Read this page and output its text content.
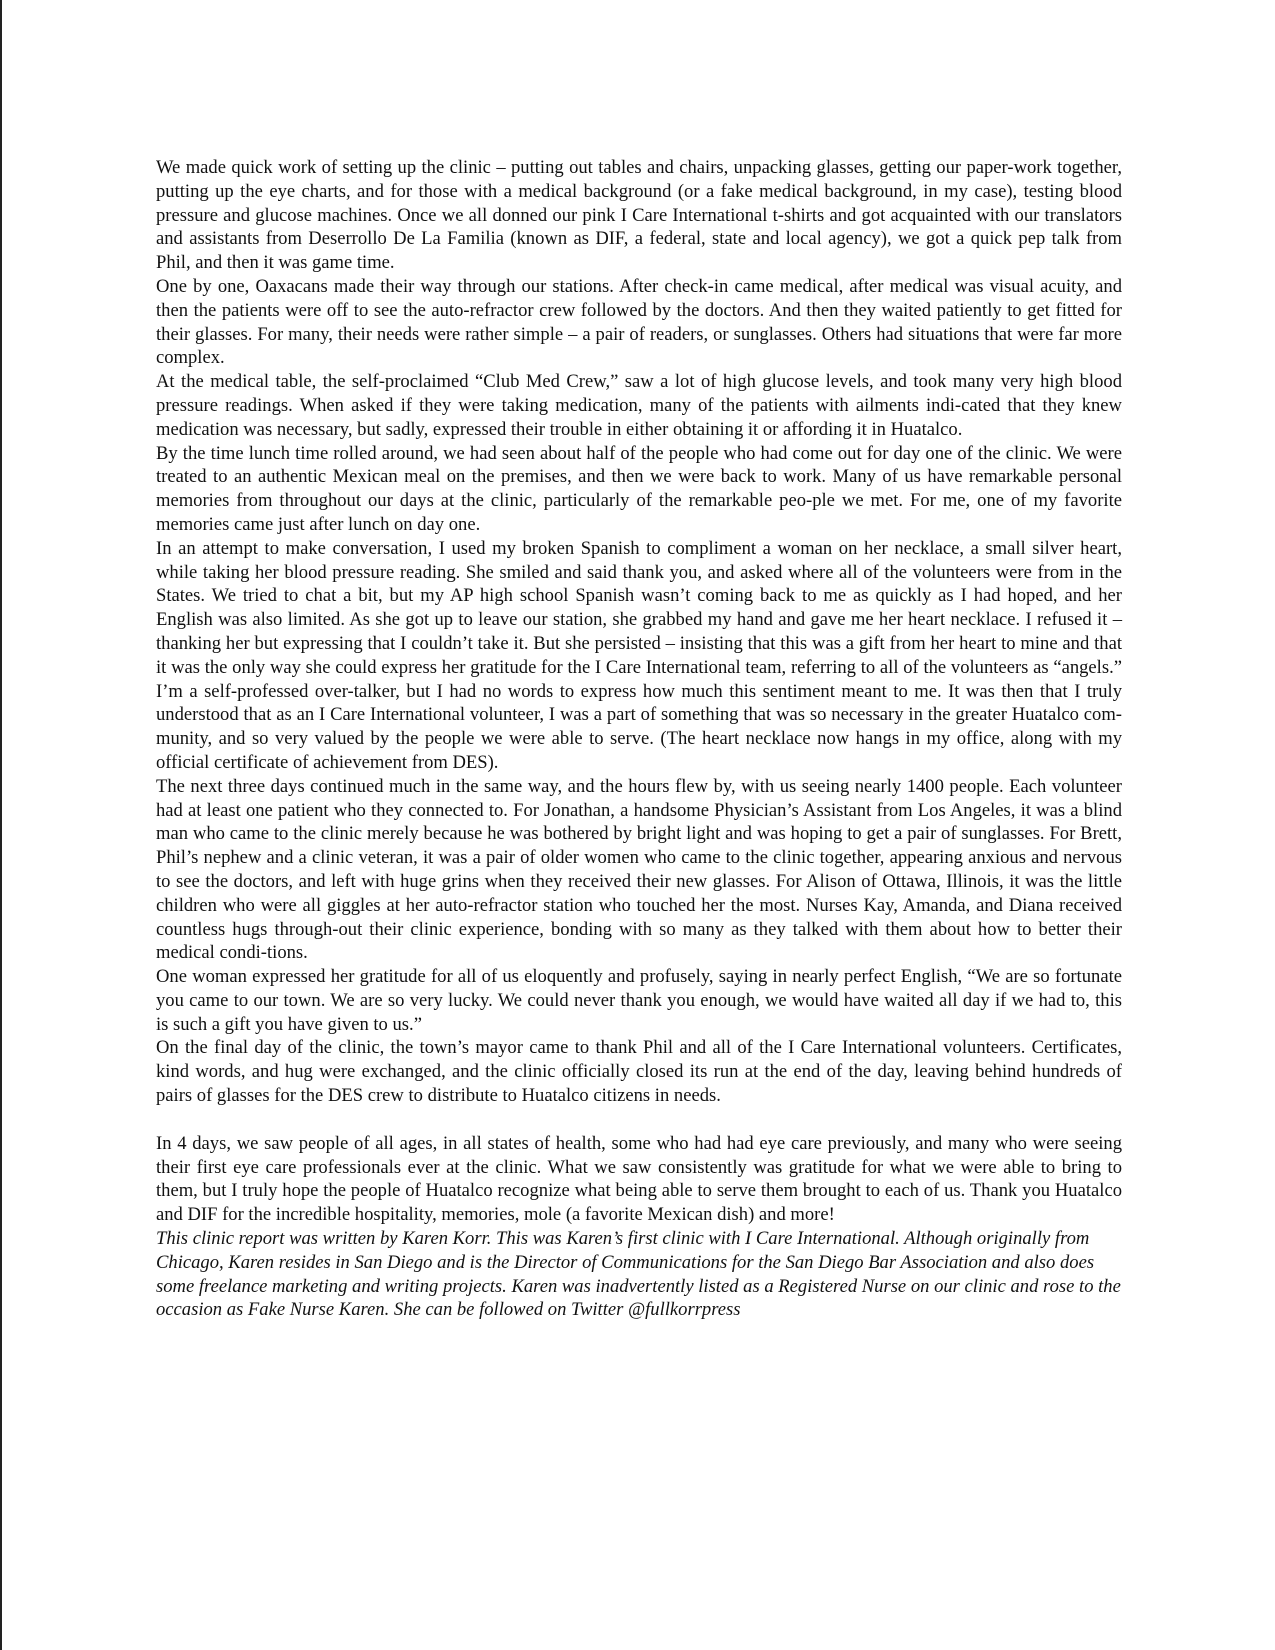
We made quick work of setting up the clinic – putting out tables and chairs, unpacking glasses, getting our paper-work together, putting up the eye charts, and for those with a medical background (or a fake medical background, in my case), testing blood pressure and glucose machines. Once we all donned our pink I Care International t-shirts and got acquainted with our translators and assistants from Deserrollo De La Familia (known as DIF, a federal, state and local agency), we got a quick pep talk from Phil, and then it was game time.

One by one, Oaxacans made their way through our stations. After check-in came medical, after medical was visual acuity, and then the patients were off to see the auto-refractor crew followed by the doctors. And then they waited patiently to get fitted for their glasses. For many, their needs were rather simple – a pair of readers, or sunglasses. Others had situations that were far more complex.

At the medical table, the self-proclaimed “Club Med Crew,” saw a lot of high glucose levels, and took many very high blood pressure readings. When asked if they were taking medication, many of the patients with ailments indi-cated that they knew medication was necessary, but sadly, expressed their trouble in either obtaining it or affording it in Huatalco.

By the time lunch time rolled around, we had seen about half of the people who had come out for day one of the clinic. We were treated to an authentic Mexican meal on the premises, and then we were back to work. Many of us have remarkable personal memories from throughout our days at the clinic, particularly of the remarkable peo-ple we met. For me, one of my favorite memories came just after lunch on day one.

In an attempt to make conversation, I used my broken Spanish to compliment a woman on her necklace, a small silver heart, while taking her blood pressure reading. She smiled and said thank you, and asked where all of the volunteers were from in the States. We tried to chat a bit, but my AP high school Spanish wasn’t coming back to me as quickly as I had hoped, and her English was also limited. As she got up to leave our station, she grabbed my hand and gave me her heart necklace. I refused it – thanking her but expressing that I couldn’t take it. But she persisted – insisting that this was a gift from her heart to mine and that it was the only way she could express her gratitude for the I Care International team, referring to all of the volunteers as “angels.” I’m a self-professed over-talker, but I had no words to express how much this sentiment meant to me. It was then that I truly understood that as an I Care International volunteer, I was a part of something that was so necessary in the greater Huatalco com-munity, and so very valued by the people we were able to serve. (The heart necklace now hangs in my office, along with my official certificate of achievement from DES).

The next three days continued much in the same way, and the hours flew by, with us seeing nearly 1400 people. Each volunteer had at least one patient who they connected to. For Jonathan, a handsome Physician’s Assistant from Los Angeles, it was a blind man who came to the clinic merely because he was bothered by bright light and was hoping to get a pair of sunglasses. For Brett, Phil’s nephew and a clinic veteran, it was a pair of older women who came to the clinic together, appearing anxious and nervous to see the doctors, and left with huge grins when they received their new glasses. For Alison of Ottawa, Illinois, it was the little children who were all giggles at her auto-refractor station who touched her the most. Nurses Kay, Amanda, and Diana received countless hugs through-out their clinic experience, bonding with so many as they talked with them about how to better their medical condi-tions.

One woman expressed her gratitude for all of us eloquently and profusely, saying in nearly perfect English, “We are so fortunate you came to our town. We are so very lucky. We could never thank you enough, we would have waited all day if we had to, this is such a gift you have given to us.”

On the final day of the clinic, the town’s mayor came to thank Phil and all of the I Care International volunteers. Certificates, kind words, and hug were exchanged, and the clinic officially closed its run at the end of the day, leaving behind hundreds of pairs of glasses for the DES crew to distribute to Huatalco citizens in needs.

In 4 days, we saw people of all ages, in all states of health, some who had had eye care previously, and many who were seeing their first eye care professionals ever at the clinic. What we saw consistently was gratitude for what we were able to bring to them, but I truly hope the people of Huatalco recognize what being able to serve them brought to each of us. Thank you Huatalco and DIF for the incredible hospitality, memories, mole (a favorite Mexican dish) and more!

This clinic report was written by Karen Korr. This was Karen’s first clinic with I Care International. Although originally from Chicago, Karen resides in San Diego and is the Director of Communications for the San Diego Bar Association and also does some freelance marketing and writing projects. Karen was inadvertently listed as a Registered Nurse on our clinic and rose to the occasion as Fake Nurse Karen. She can be followed on Twitter @fullkorrpress
